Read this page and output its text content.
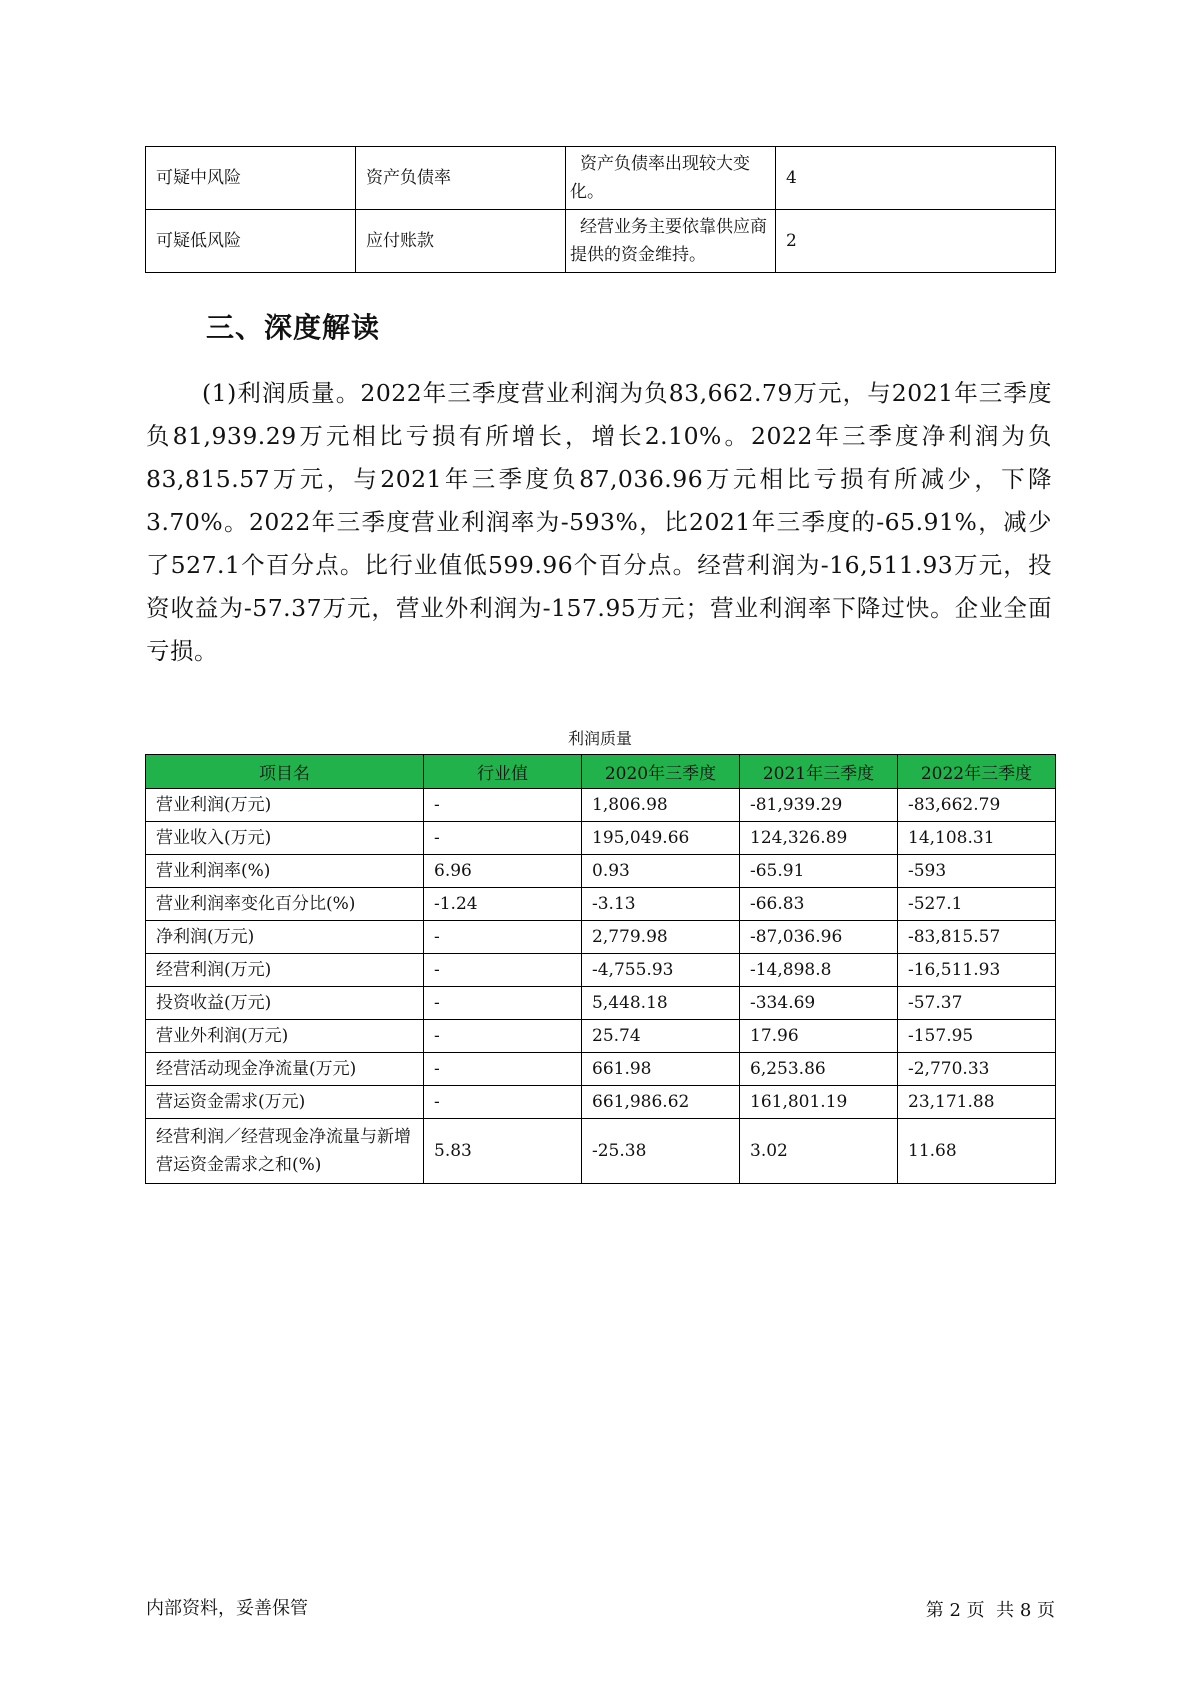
可疑中风险	资产负债率	资产负债率出现较大变化。	4
可疑低风险	应付账款	经营业务主要依靠供应商提供的资金维持。	2
三、深度解读

(1)利润质量。2022年三季度营业利润为负83,662.79万元，与2021年三季度负81,939.29万元相比亏损有所增长，增长2.10%。2022年三季度净利润为负83,815.57万元，与2021年三季度负87,036.96万元相比亏损有所减少，下降3.70%。2022年三季度营业利润率为-593%，比2021年三季度的-65.91%，减少了527.1个百分点。比行业值低599.96个百分点。经营利润为-16,511.93万元，投资收益为-57.37万元，营业外利润为-157.95万元；营业利润率下降过快。企业全面亏损。

利润质量
项目名	行业值	2020年三季度	2021年三季度	2022年三季度
营业利润(万元)	-	1,806.98	-81,939.29	-83,662.79
营业收入(万元)	-	195,049.66	124,326.89	14,108.31
营业利润率(%)	6.96	0.93	-65.91	-593
营业利润率变化百分比(%)	-1.24	-3.13	-66.83	-527.1
净利润(万元)	-	2,779.98	-87,036.96	-83,815.57
经营利润(万元)	-	-4,755.93	-14,898.8	-16,511.93
投资收益(万元)	-	5,448.18	-334.69	-57.37
营业外利润(万元)	-	25.74	17.96	-157.95
经营活动现金净流量(万元)	-	661.98	6,253.86	-2,770.33
营运资金需求(万元)	-	661,986.62	161,801.19	23,171.88
经营利润／经营现金净流量与新增营运资金需求之和(%)	5.83	-25.38	3.02	11.68
内部资料，妥善保管	第 2 页  共 8 页
